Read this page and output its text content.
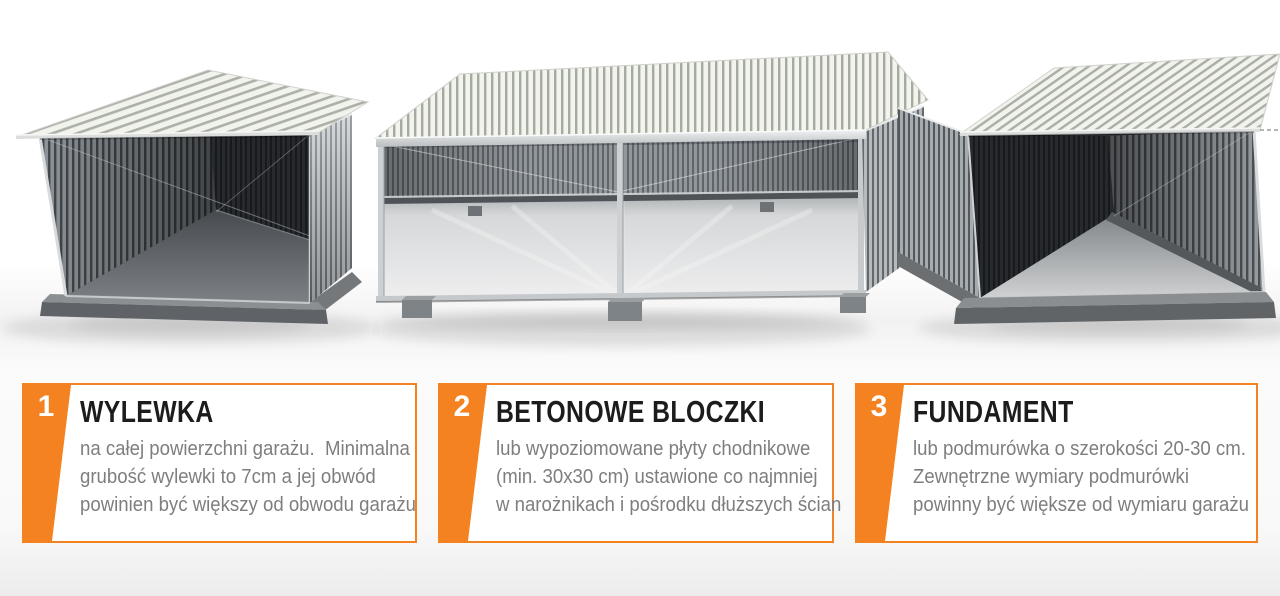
1 WYLEWKA
na całej powierzchni garażu.  Minimalna
grubość wylewki to 7cm a jej obwód
powinien być większy od obwodu garażu
2 BETONOWE BLOCZKI
lub wypoziomowane płyty chodnikowe
(min. 30x30 cm) ustawione co najmniej
w narożnikach i pośrodku dłuższych ścian
3 FUNDAMENT
lub podmurówka o szerokości 20-30 cm.
Zewnętrzne wymiary podmurówki
powinny być większe od wymiaru garażu
